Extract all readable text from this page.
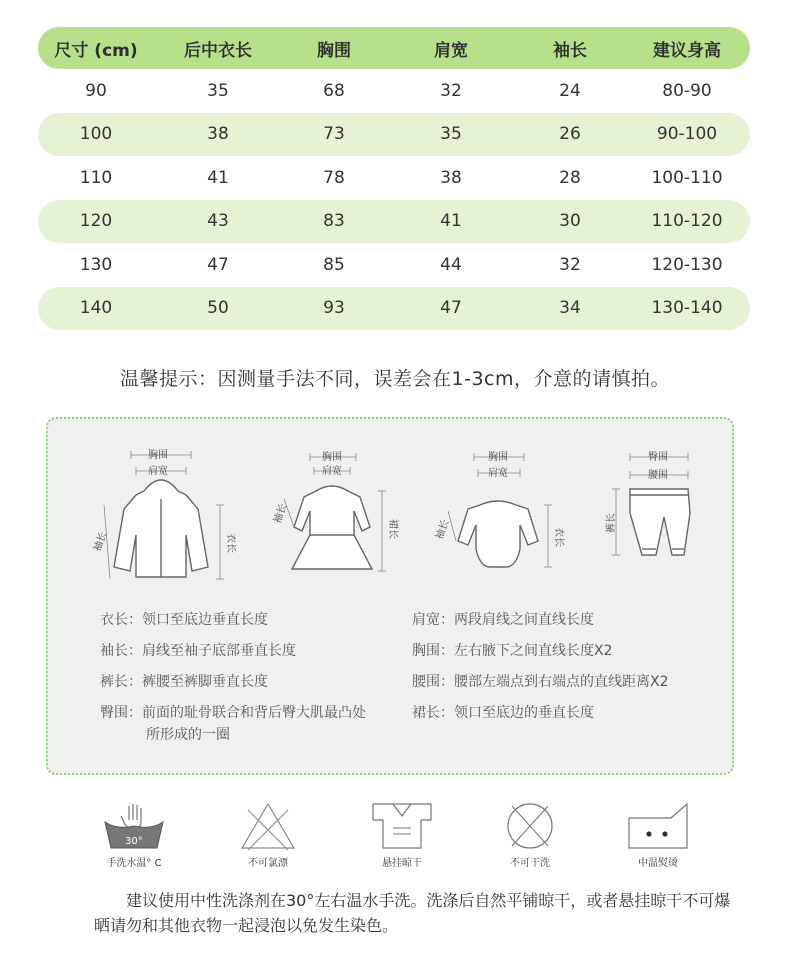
尺寸 (cm)	后中衣长	胸围	肩宽	袖长	建议身高
90	35	68	32	24	80-90
100	38	73	35	26	90-100
110	41	78	38	28	100-110
120	43	83	41	30	110-120
130	47	85	44	32	120-130
140	50	93	47	34	130-140
温馨提示：因测量手法不同，误差会在1-3cm，介意的请慎拍。
胸围
肩宽
袖长	衣长
胸围
肩宽
袖长
裙长
胸围
肩宽
袖长	衣长
臀围
腰围
裤长
衣长：领口至底边垂直长度
袖长：肩线至袖子底部垂直长度
裤长：裤腰至裤脚垂直长度
臀围：前面的耻骨联合和背后臀大肌最凸处
所形成的一圈
肩宽：两段肩线之间直线长度
胸围：左右腋下之间直线长度X2
腰围：腰部左端点到右端点的直线距离X2
裙长：领口至底边的垂直长度
30°
手洗水温° C	不可氯漂	悬挂晾干	不可干洗	中温熨烫
建议使用中性洗涤剂在30°左右温水手洗。洗涤后自然平铺晾干，或者悬挂晾干不可爆晒请勿和其他衣物一起浸泡以免发生染色。
